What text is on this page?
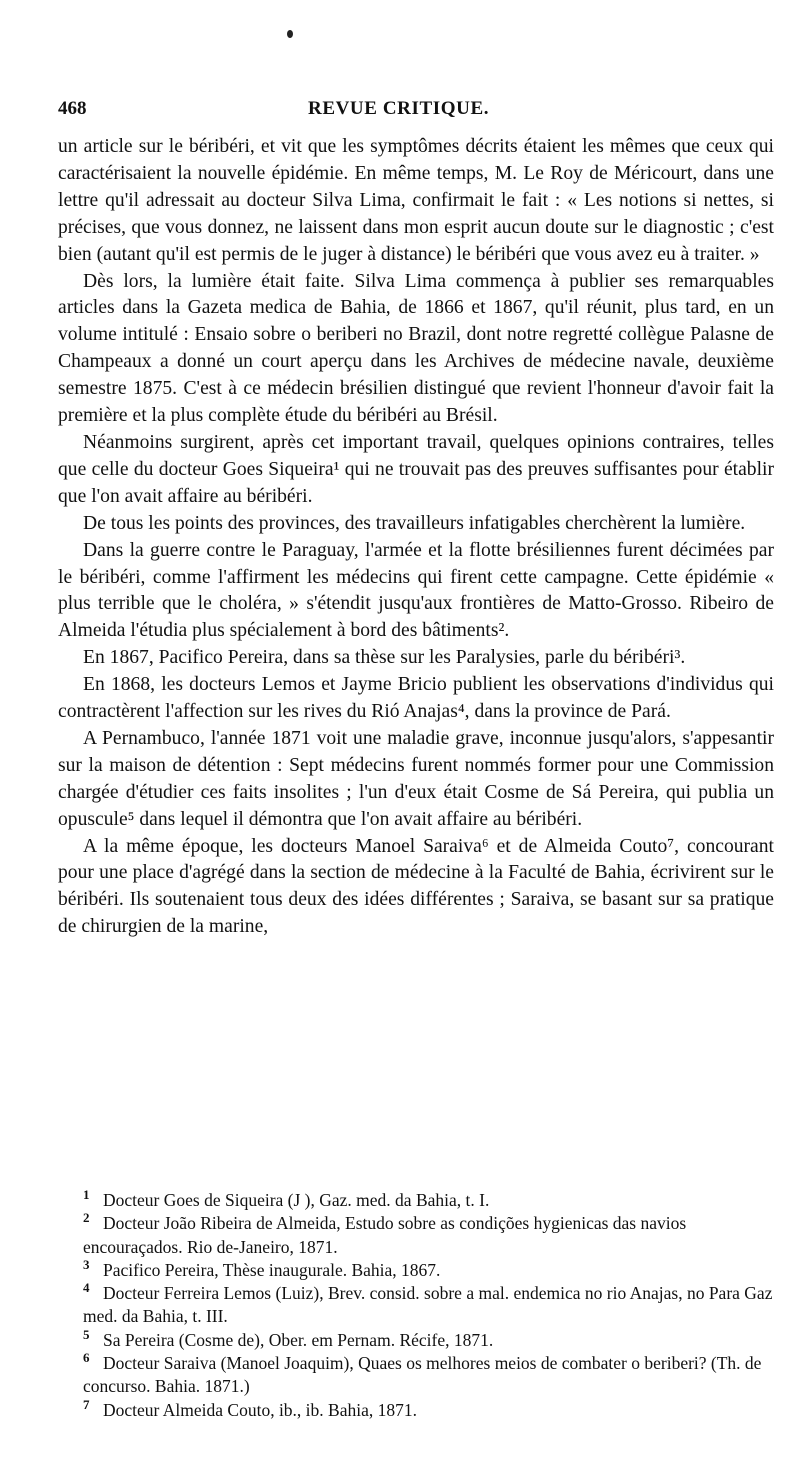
468	REVUE CRITIQUE.

un article sur le béribéri, et vit que les symptômes décrits étaient les mêmes que ceux qui caractérisaient la nouvelle épidémie. En même temps, M. Le Roy de Méricourt, dans une lettre qu'il adressait au docteur Silva Lima, confirmait le fait : « Les notions si nettes, si précises, que vous donnez, ne laissent dans mon esprit aucun doute sur le diagnostic ; c'est bien (autant qu'il est permis de le juger à distance) le béribéri que vous avez eu à traiter. »

Dès lors, la lumière était faite. Silva Lima commença à publier ses remarquables articles dans la Gazeta medica de Bahia, de 1866 et 1867, qu'il réunit, plus tard, en un volume intitulé : Ensaio sobre o beriberi no Brazil, dont notre regretté collègue Palasne de Champeaux a donné un court aperçu dans les Archives de médecine navale, deuxième semestre 1875. C'est à ce médecin brésilien distingué que revient l'honneur d'avoir fait la première et la plus complète étude du béribéri au Brésil.

Néanmoins surgirent, après cet important travail, quelques opinions contraires, telles que celle du docteur Goes Siqueira¹ qui ne trouvait pas des preuves suffisantes pour établir que l'on avait affaire au béribéri.

De tous les points des provinces, des travailleurs infatigables cherchèrent la lumière.

Dans la guerre contre le Paraguay, l'armée et la flotte brésiliennes furent décimées par le béribéri, comme l'affirment les médecins qui firent cette campagne. Cette épidémie « plus terrible que le choléra, » s'étendit jusqu'aux frontières de Matto-Grosso. Ribeiro de Almeida l'étudia plus spécialement à bord des bâtiments².

En 1867, Pacifico Pereira, dans sa thèse sur les Paralysies, parle du béribéri³.

En 1868, les docteurs Lemos et Jayme Bricio publient les observations d'individus qui contractèrent l'affection sur les rives du Rió Anajas⁴, dans la province de Pará.

A Pernambuco, l'année 1871 voit une maladie grave, inconnue jusqu'alors, s'appesantir sur la maison de détention : Sept médecins furent nommés former pour une Commission chargée d'étudier ces faits insolites ; l'un d'eux était Cosme de Sá Pereira, qui publia un opuscule⁵ dans lequel il démontra que l'on avait affaire au béribéri.

A la même époque, les docteurs Manoel Saraiva⁶ et de Almeida Couto⁷, concourant pour une place d'agrégé dans la section de médecine à la Faculté de Bahia, écrivirent sur le béribéri. Ils soutenaient tous deux des idées différentes ; Saraiva, se basant sur sa pratique de chirurgien de la marine,

1 Docteur Goes de Siqueira (J ), Gaz. med. da Bahia, t. I.

2 Docteur João Ribeira de Almeida, Estudo sobre as condições hygienicas das navios encouraçados. Rio de-Janeiro, 1871.

3 Pacifico Pereira, Thèse inaugurale. Bahia, 1867.

4 Docteur Ferreira Lemos (Luiz), Brev. consid. sobre a mal. endemica no rio Anajas, no Para Gaz med. da Bahia, t. III.

5 Sa Pereira (Cosme de), Ober. em Pernam. Récife, 1871.

6 Docteur Saraiva (Manoel Joaquim), Quaes os melhores meios de combater o beriberi? (Th. de concurso. Bahia. 1871.)

7 Docteur Almeida Couto, ib., ib. Bahia, 1871.
